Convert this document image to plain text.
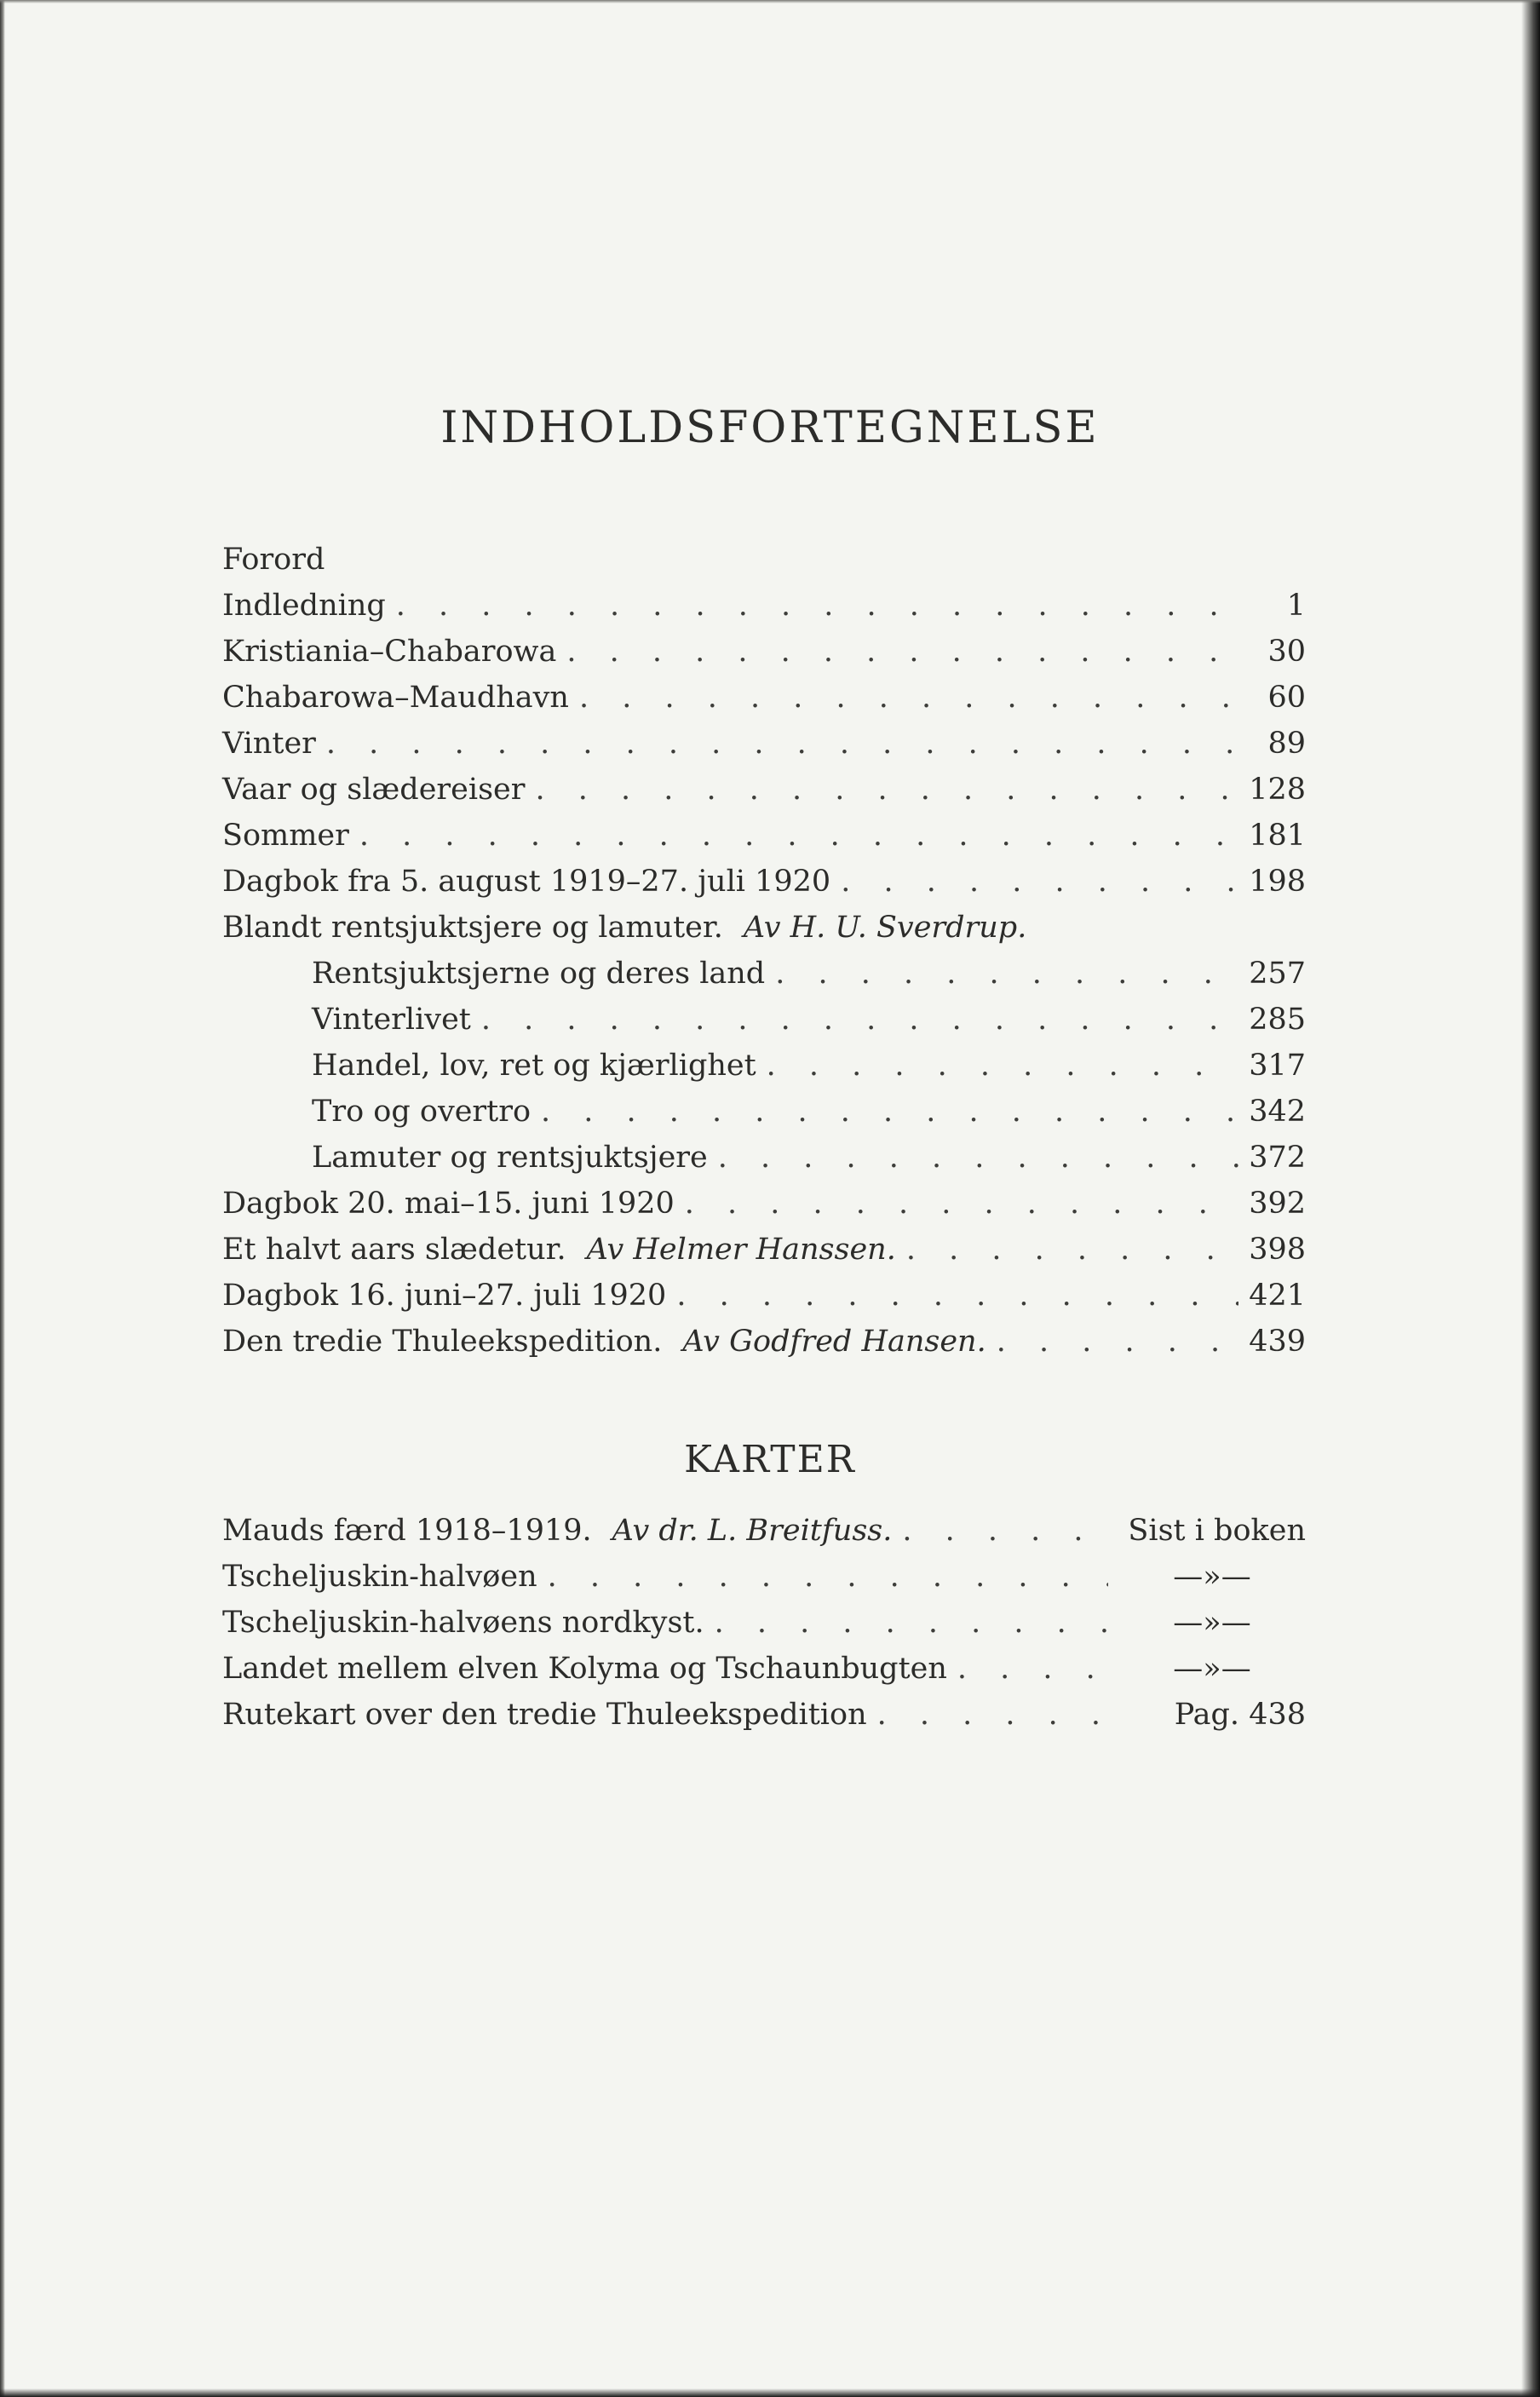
INDHOLDSFORTEGNELSE
Forord
Indledning . . .	1
Kristiania–Chabarowa . . .	30
Chabarowa–Maudhavn . . .	60
Vinter . . .	89
Vaar og slædereiser . . .	128
Sommer . . .	181
Dagbok fra 5. august 1919–27. juli 1920 . . .	198
Blandt rentsjuktsjere og lamuter. Av H. U. Sverdrup.
Rentsjuktsjerne og deres land . . .	257
Vinterlivet . . .	285
Handel, lov, ret og kjærlighet . . .	317
Tro og overtro . . .	342
Lamuter og rentsjuktsjere . . .	372
Dagbok 20. mai–15. juni 1920 . . .	392
Et halvt aars slædetur. Av Helmer Hanssen. . . .	398
Dagbok 16. juni–27. juli 1920 . . .	421
Den tredie Thuleekspedition. Av Godfred Hansen. . . .	439
KARTER
Mauds færd 1918–1919. Av dr. L. Breitfuss. . . .	Sist i boken
Tscheljuskin-halvøen . . .	—»—
Tscheljuskin-halvøens nordkyst. . . .	—»—
Landet mellem elven Kolyma og Tschaunbugten . . .	—»—
Rutekart over den tredie Thuleekspedition . . .	Pag. 438
